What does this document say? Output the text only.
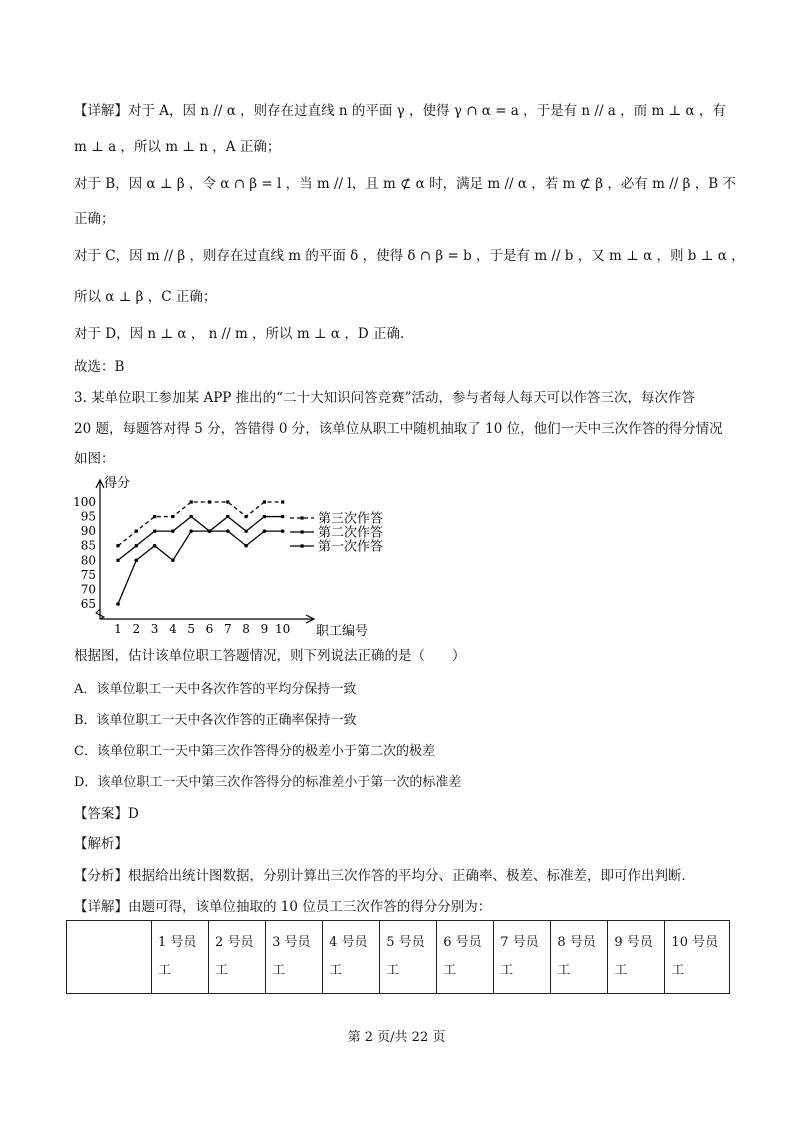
【详解】对于 A，因 n // α ，则存在过直线 n 的平面 γ ，使得 γ ∩ α = a ，于是有 n // a ，而 m ⊥ α ，有
m ⊥ a ，所以 m ⊥ n ，A 正确；
对于 B，因 α ⊥ β ，令 α ∩ β = l ，当 m // l，且 m ⊄ α 时，满足 m // α ，若 m ⊄ β ，必有 m // β ，B 不
正确；
对于 C，因 m // β ，则存在过直线 m 的平面 δ ，使得 δ ∩ β = b ，于是有 m // b ，又 m ⊥ α ，则 b ⊥ α ，
所以 α ⊥ β ，C 正确；
对于 D，因 n ⊥ α ， n // m ，所以 m ⊥ α ，D 正确.
故选：B
3. 某单位职工参加某 APP 推出的“二十大知识问答竞赛”活动，参与者每人每天可以作答三次，每次作答
20 题，每题答对得 5 分，答错得 0 分，该单位从职工中随机抽取了 10 位，他们一天中三次作答的得分情况
如图：
65
70
75
80
85
90
95
100
1 2 3 4 5 6 7 8 9 10
第三次作答
第二次作答
第一次作答
得分
职工编号
根据图，估计该单位职工答题情况，则下列说法正确的是（　　）
A．该单位职工一天中各次作答的平均分保持一致
B．该单位职工一天中各次作答的正确率保持一致
C．该单位职工一天中第三次作答得分的极差小于第二次的极差
D．该单位职工一天中第三次作答得分的标准差小于第一次的标准差
【答案】D
【解析】
【分析】根据给出统计图数据，分别计算出三次作答的平均分、正确率、极差、标准差，即可作出判断．
【详解】由题可得，该单位抽取的 10 位员工三次作答的得分分别为：
	1 号员工	2 号员工	3 号员工	4 号员工	5 号员工	6 号员工	7 号员工	8 号员工	9 号员工	10 号员工
第 2 页/共 22 页
